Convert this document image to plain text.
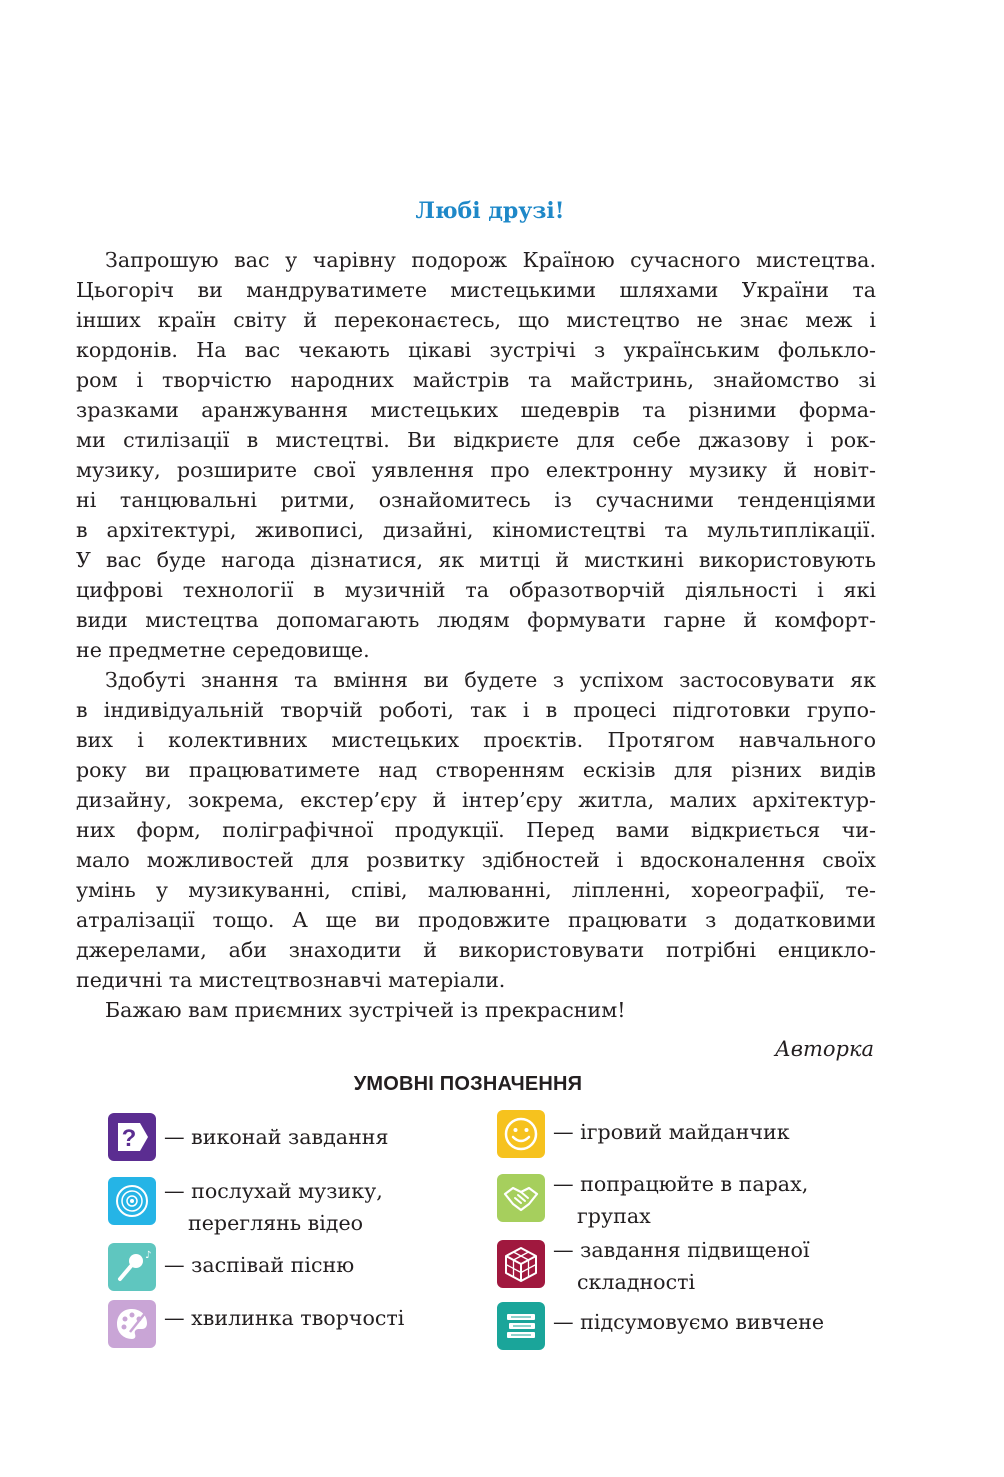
Любі друзі!
Запрошую вас у чарівну подорож Країною сучасного мистецтва.
Цьогоріч ви мандруватимете мистецькими шляхами України та
інших країн світу й переконаєтесь, що мистецтво не знає меж і
кордонів. На вас чекають цікаві зустрічі з українським фолькло-
ром і творчістю народних майстрів та майстринь, знайомство зі
зразками аранжування мистецьких шедеврів та різними форма-
ми стилізації в мистецтві. Ви відкриєте для себе джазову і рок-
музику, розширите свої уявлення про електронну музику й новіт-
ні танцювальні ритми, ознайомитесь із сучасними тенденціями
в архітектурі, живописі, дизайні, кіномистецтві та мультиплікації.
У вас буде нагода дізнатися, як митці й мисткині використовують
цифрові технології в музичній та образотворчій діяльності і які
види мистецтва допомагають людям формувати гарне й комфорт-
не предметне середовище.
Здобуті знання та вміння ви будете з успіхом застосовувати як
в індивідуальній творчій роботі, так і в процесі підготовки групо-
вих і колективних мистецьких проєктів. Протягом навчального
року ви працюватимете над створенням ескізів для різних видів
дизайну, зокрема, екстер’єру й інтер’єру житла, малих архітектур-
них форм, поліграфічної продукції. Перед вами відкриється чи-
мало можливостей для розвитку здібностей і вдосконалення своїх
умінь у музикуванні, співі, малюванні, ліпленні, хореографії, те-
атралізації тощо. А ще ви продовжите працювати з додатковими
джерелами, аби знаходити й використовувати потрібні енцикло-
педичні та мистецтвознавчі матеріали.
Бажаю вам приємних зустрічей із прекрасним!
Авторка
УМОВНІ ПОЗНАЧЕННЯ
? — виконай завдання
— послухай музику,
переглянь відео
♪ — заспівай пісню
— хвилинка творчості
— ігровий майданчик
— попрацюйте в парах,
групах
— завдання підвищеної
складності
— підсумовуємо вивчене
